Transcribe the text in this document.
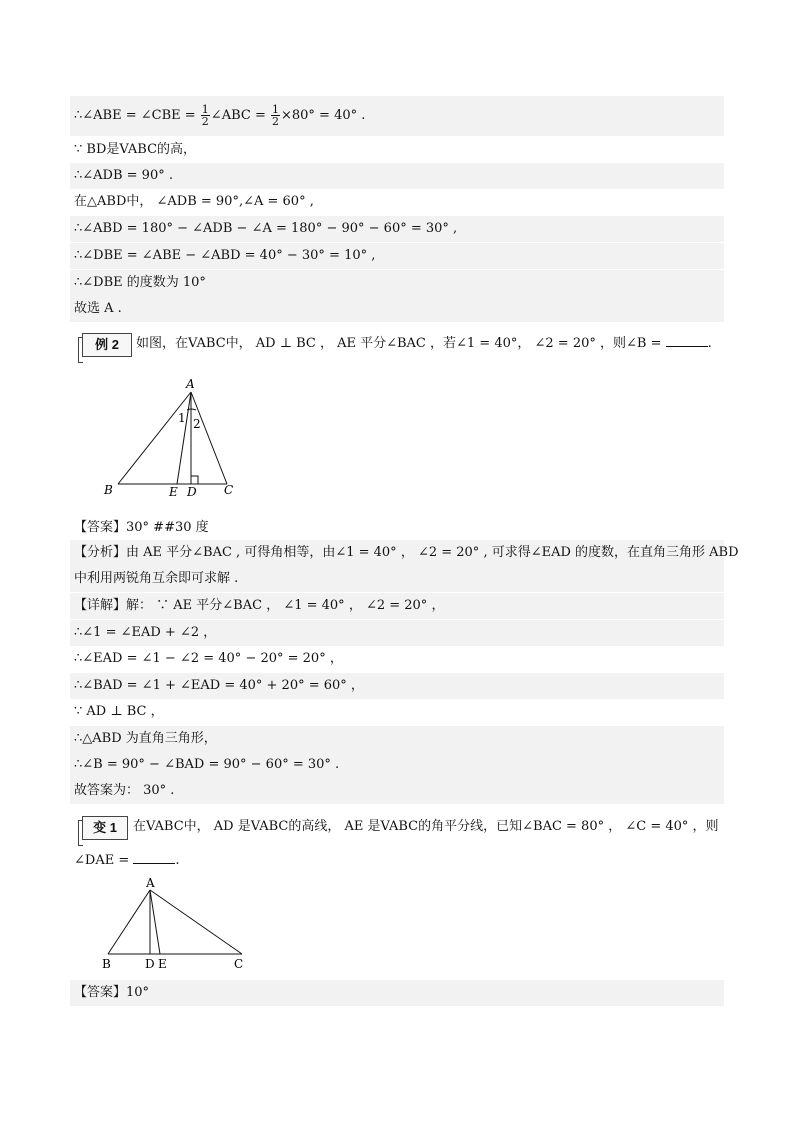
∴∠ABE = ∠CBE = $\frac{1}{2}$ ∠ABC = $\frac{1}{2} \times 80^\circ = 40^\circ$ .
∵ BD是VABC的高，
∴∠ADB = 90° .
在△ABD中， ∠ADB = 90°,∠A = 60° ,
∴∠ABD = 180° − ∠ADB − ∠A = 180° − 90° − 60° = 30° ,
∴∠DBE = ∠ABE − ∠ABD = 40° − 30° = 10° ,
∴∠DBE 的度数为 10°
故选 A .
例 2	如图，在VABC中， AD ⊥ BC ， AE 平分∠BAC ，若∠1 = 40°， ∠2 = 20° ，则∠B =	.
A
B	E D C
1 2
【答案】30° ##30 度
【分析】由 AE 平分∠BAC , 可得角相等，由∠1 = 40° ， ∠2 = 20° , 可求得∠EAD 的度数，在直角三角形 ABD
中利用两锐角互余即可求解 .
【详解】解： ∵ AE 平分∠BAC ， ∠1 = 40° ， ∠2 = 20° ，
∴∠1 = ∠EAD + ∠2 ，
∴∠EAD = ∠1 − ∠2 = 40° − 20° = 20° ，
∴∠BAD = ∠1 + ∠EAD = 40° + 20° = 60° ，
∵ AD ⊥ BC ，
∴△ABD 为直角三角形，
∴∠B = 90° − ∠BAD = 90° − 60° = 30° .
故答案为： 30° .
变 1	在VABC中， AD 是VABC的高线， AE 是VABC的角平分线，已知∠BAC = 80° ， ∠C = 40° ，则
∠DAE =	.
A
B	D E	C
【答案】10°
